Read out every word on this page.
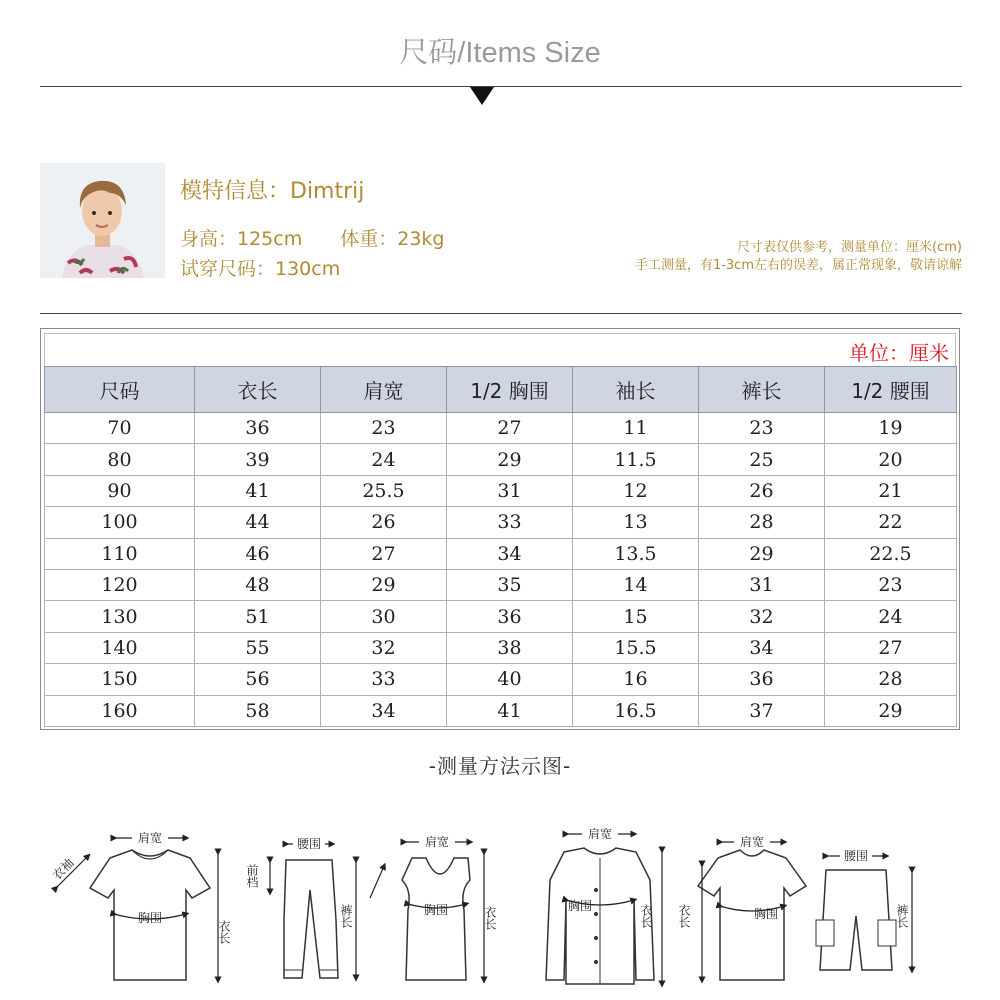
尺码/Items Size
模特信息：Dimtrij
身高：125cm 体重：23kg
试穿尺码：130cm
尺寸表仅供参考，测量单位：厘米(cm)
手工测量，有1-3cm左右的误差，属正常现象，敬请谅解
单位：厘米
尺码	衣长	肩宽	1/2 胸围	袖长	裤长	1/2 腰围
70	36	23	27	11	23	19
80	39	24	29	11.5	25	20
90	41	25.5	31	12	26	21
100	44	26	33	13	28	22
110	46	27	34	13.5	29	22.5
120	48	29	35	14	31	23
130	51	30	36	15	32	24
140	55	32	38	15.5	34	27
150	56	33	40	16	36	28
160	58	34	41	16.5	37	29
-测量方法示图-
肩宽
胸围
衣长
衣袖
腰围
前档
裤长
肩宽
胸围	衣长
肩宽
胸围	衣长
肩宽
胸围
衣长
腰围
裤长
